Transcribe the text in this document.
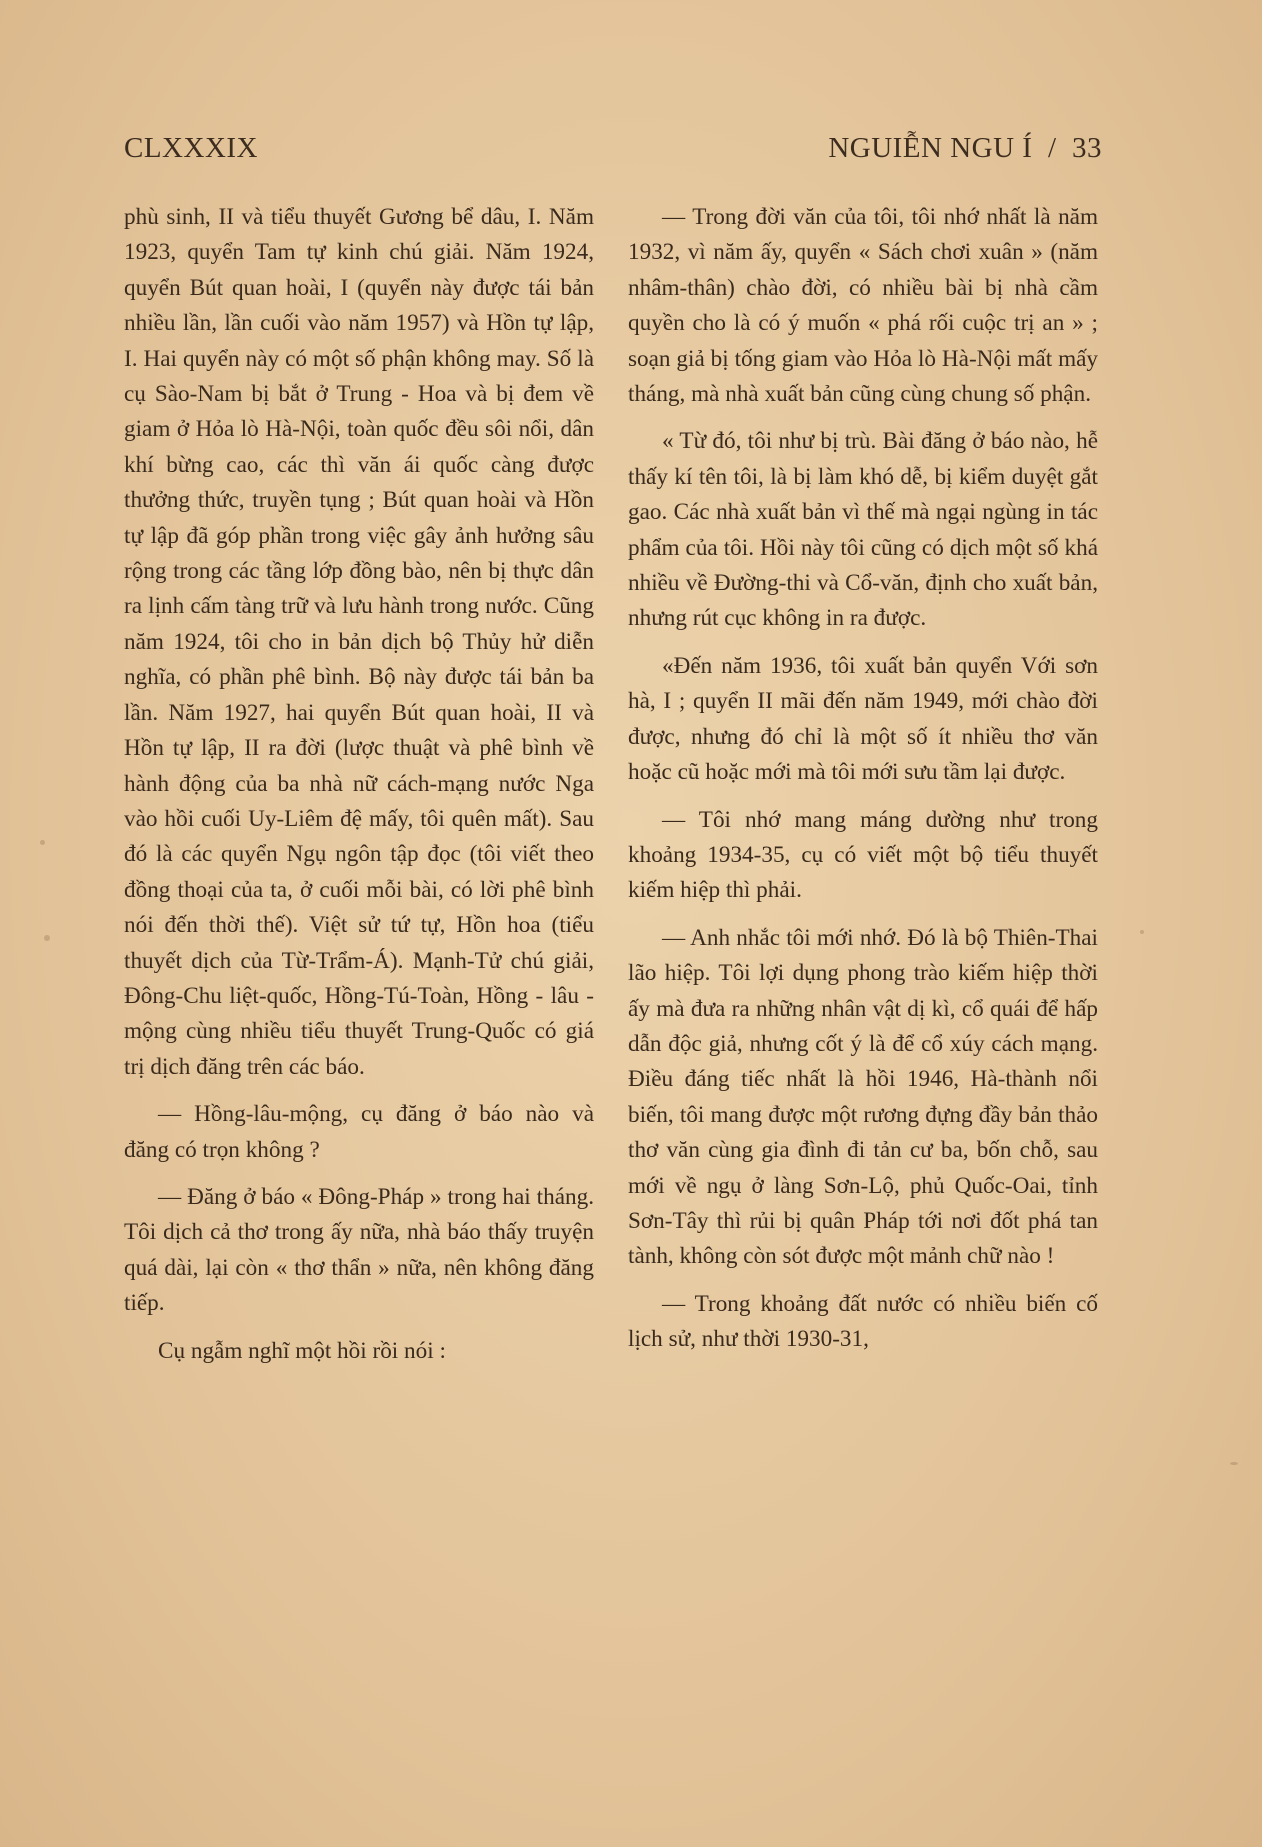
CLXXXIX	NGUIỄN NGU Í  /  33

phù sinh, II và tiểu thuyết Gương bể dâu, I. Năm 1923, quyển Tam tự kinh chú giải. Năm 1924, quyển Bút quan hoài, I (quyển này được tái bản nhiều lần, lần cuối vào năm 1957) và Hồn tự lập, I. Hai quyển này có một số phận không may. Số là cụ Sào-Nam bị bắt ở Trung - Hoa và bị đem về giam ở Hỏa lò Hà-Nội, toàn quốc đều sôi nổi, dân khí bừng cao, các thì văn ái quốc càng được thưởng thức, truyền tụng ; Bút quan hoài và Hồn tự lập đã góp phần trong việc gây ảnh hưởng sâu rộng trong các tầng lớp đồng bào, nên bị thực dân ra lịnh cấm tàng trữ và lưu hành trong nước. Cũng năm 1924, tôi cho in bản dịch bộ Thủy hử diễn nghĩa, có phần phê bình. Bộ này được tái bản ba lần. Năm 1927, hai quyển Bút quan hoài, II và Hồn tự lập, II ra đời (lược thuật và phê bình về hành động của ba nhà nữ cách-mạng nước Nga vào hồi cuối Uy-Liêm đệ mấy, tôi quên mất). Sau đó là các quyển Ngụ ngôn tập đọc (tôi viết theo đồng thoại của ta, ở cuối mỗi bài, có lời phê bình nói đến thời thế). Việt sử tứ tự, Hồn hoa (tiểu thuyết dịch của Từ-Trẩm-Á). Mạnh-Tử chú giải, Đông-Chu liệt-quốc, Hồng-Tú-Toàn, Hồng - lâu - mộng cùng nhiều tiểu thuyết Trung-Quốc có giá trị dịch đăng trên các báo.

— Hồng-lâu-mộng, cụ đăng ở báo nào và đăng có trọn không ?

— Đăng ở báo « Đông-Pháp » trong hai tháng. Tôi dịch cả thơ trong ấy nữa, nhà báo thấy truyện quá dài, lại còn « thơ thẩn » nữa, nên không đăng tiếp.

Cụ ngẫm nghĩ một hồi rồi nói :

— Trong đời văn của tôi, tôi nhớ nhất là năm 1932, vì năm ấy, quyển « Sách chơi xuân » (năm nhâm-thân) chào đời, có nhiều bài bị nhà cầm quyền cho là có ý muốn « phá rối cuộc trị an » ; soạn giả bị tống giam vào Hỏa lò Hà-Nội mất mấy tháng, mà nhà xuất bản cũng cùng chung số phận.

« Từ đó, tôi như bị trù. Bài đăng ở báo nào, hễ thấy kí tên tôi, là bị làm khó dễ, bị kiểm duyệt gắt gao. Các nhà xuất bản vì thế mà ngại ngùng in tác phẩm của tôi. Hồi này tôi cũng có dịch một số khá nhiều về Đường-thi và Cổ-văn, định cho xuất bản, nhưng rút cục không in ra được.

«Đến năm 1936, tôi xuất bản quyển Với sơn hà, I ; quyển II mãi đến năm 1949, mới chào đời được, nhưng đó chỉ là một số ít nhiều thơ văn hoặc cũ hoặc mới mà tôi mới sưu tầm lại được.

— Tôi nhớ mang máng dường như trong khoảng 1934-35, cụ có viết một bộ tiểu thuyết kiếm hiệp thì phải.

— Anh nhắc tôi mới nhớ. Đó là bộ Thiên-Thai lão hiệp. Tôi lợi dụng phong trào kiếm hiệp thời ấy mà đưa ra những nhân vật dị kì, cổ quái để hấp dẫn độc giả, nhưng cốt ý là để cổ xúy cách mạng. Điều đáng tiếc nhất là hồi 1946, Hà-thành nổi biến, tôi mang được một rương đựng đầy bản thảo thơ văn cùng gia đình đi tản cư ba, bốn chỗ, sau mới về ngụ ở làng Sơn-Lộ, phủ Quốc-Oai, tỉnh Sơn-Tây thì rủi bị quân Pháp tới nơi đốt phá tan tành, không còn sót được một mảnh chữ nào !

— Trong khoảng đất nước có nhiều biến cố lịch sử, như thời 1930-31,
